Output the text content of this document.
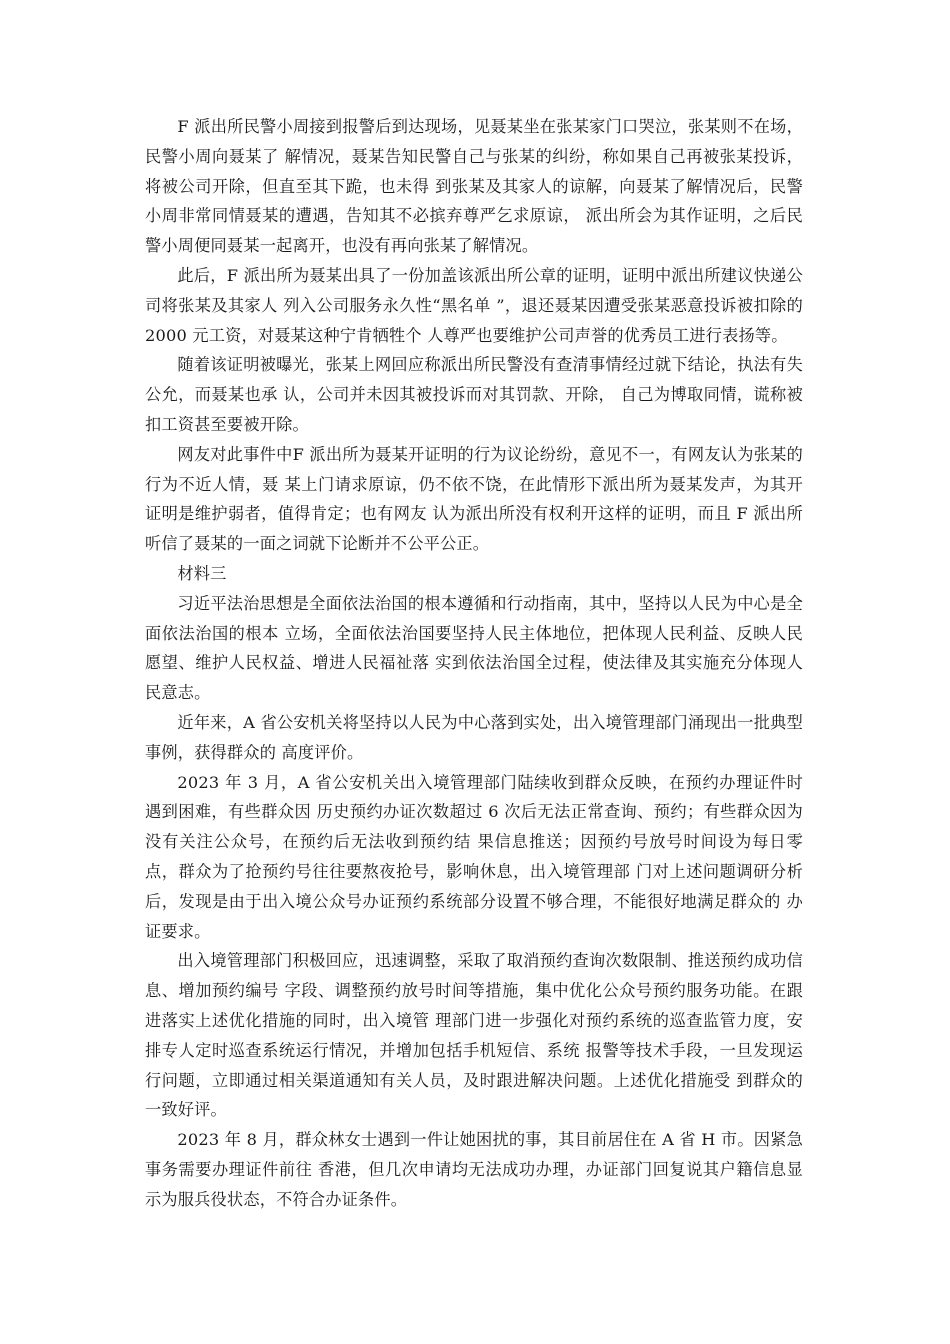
F 派出所民警小周接到报警后到达现场，见聂某坐在张某家门口哭泣，张某则不在场，民警小周向聂某了 解情况，聂某告知民警自己与张某的纠纷，称如果自己再被张某投诉，将被公司开除，但直至其下跪，也未得 到张某及其家人的谅解，向聂某了解情况后，民警小周非常同情聂某的遭遇，告知其不必摈弃尊严乞求原谅， 派出所会为其作证明，之后民警小周便同聂某一起离开，也没有再向张某了解情况。

此后，F 派出所为聂某出具了一份加盖该派出所公章的证明，证明中派出所建议快递公司将张某及其家人 列入公司服务永久性“黑名单 ”，退还聂某因遭受张某恶意投诉被扣除的 2000 元工资，对聂某这种宁肯牺牲个 人尊严也要维护公司声誉的优秀员工进行表扬等。

随着该证明被曝光，张某上网回应称派出所民警没有查清事情经过就下结论，执法有失公允，而聂某也承 认，公司并未因其被投诉而对其罚款、开除， 自己为博取同情，谎称被扣工资甚至要被开除。

网友对此事件中F 派出所为聂某开证明的行为议论纷纷，意见不一，有网友认为张某的行为不近人情，聂 某上门请求原谅，仍不依不饶，在此情形下派出所为聂某发声，为其开证明是维护弱者，值得肯定；也有网友 认为派出所没有权利开这样的证明，而且 F 派出所听信了聂某的一面之词就下论断并不公平公正。

材料三

习近平法治思想是全面依法治国的根本遵循和行动指南，其中，坚持以人民为中心是全面依法治国的根本 立场，全面依法治国要坚持人民主体地位，把体现人民利益、反映人民愿望、维护人民权益、增进人民福祉落 实到依法治国全过程，使法律及其实施充分体现人民意志。

近年来，A 省公安机关将坚持以人民为中心落到实处，出入境管理部门涌现出一批典型事例，获得群众的 高度评价。

2023 年 3 月，A 省公安机关出入境管理部门陆续收到群众反映，在预约办理证件时遇到困难，有些群众因 历史预约办证次数超过 6 次后无法正常查询、预约；有些群众因为没有关注公众号，在预约后无法收到预约结 果信息推送；因预约号放号时间设为每日零点，群众为了抢预约号往往要熬夜抢号，影响休息，出入境管理部 门对上述问题调研分析后，发现是由于出入境公众号办证预约系统部分设置不够合理，不能很好地满足群众的 办证要求。

出入境管理部门积极回应，迅速调整，采取了取消预约查询次数限制、推送预约成功信息、增加预约编号 字段、调整预约放号时间等措施，集中优化公众号预约服务功能。在跟进落实上述优化措施的同时，出入境管 理部门进一步强化对预约系统的巡查监管力度，安排专人定时巡查系统运行情况，并增加包括手机短信、系统 报警等技术手段，一旦发现运行问题，立即通过相关渠道通知有关人员，及时跟进解决问题。上述优化措施受 到群众的一致好评。

2023 年 8 月，群众林女士遇到一件让她困扰的事，其目前居住在 A 省 H 市。因紧急事务需要办理证件前往 香港，但几次申请均无法成功办理，办证部门回复说其户籍信息显示为服兵役状态，不符合办证条件。
